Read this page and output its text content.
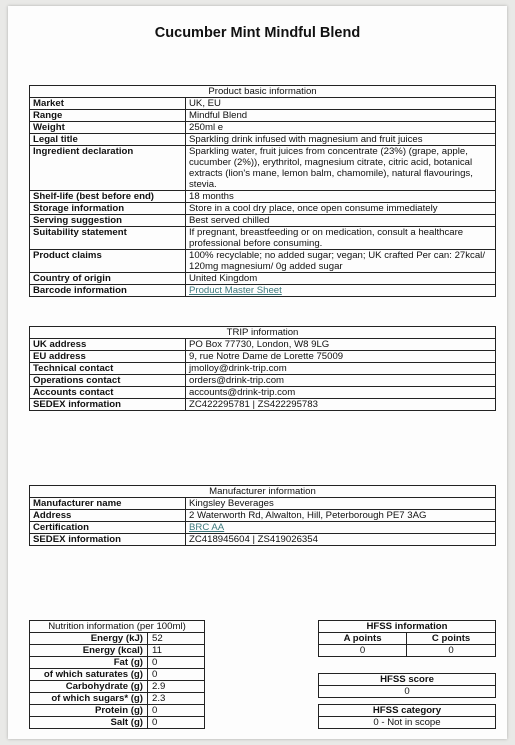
Cucumber Mint Mindful Blend
Product basic information	
Market	UK, EU
Range	Mindful Blend
Weight	250ml e
Legal title	Sparkling drink infused with magnesium and fruit juices
Ingredient declaration	Sparkling water, fruit juices from concentrate (23%) (grape, apple, cucumber (2%)), erythritol, magnesium citrate, citric acid, botanical extracts (lion's mane, lemon balm, chamomile), natural flavourings, stevia.
Shelf-life (best before end)	18 months
Storage information	Store in a cool dry place, once open consume immediately
Serving suggestion	Best served chilled
Suitability statement	If pregnant, breastfeeding or on medication, consult a healthcare professional before consuming.
Product claims	100% recyclable; no added sugar; vegan; UK crafted Per can: 27kcal/ 120mg magnesium/ 0g added sugar
Country of origin	United Kingdom
Barcode information	Product Master Sheet
TRIP information	
UK address	PO Box 77730, London, W8 9LG
EU address	9, rue Notre Dame de Lorette 75009
Technical contact	jmolloy@drink-trip.com
Operations contact	orders@drink-trip.com
Accounts contact	accounts@drink-trip.com
SEDEX information	ZC422295781 | ZS422295783
Manufacturer information	
Manufacturer name	Kingsley Beverages
Address	2 Waterworth Rd, Alwalton, Hill, Peterborough PE7 3AG
Certification	BRC AA
SEDEX information	ZC418945604 | ZS419026354
Nutrition information (per 100ml)	
Energy (kJ)	52
Energy (kcal)	11
Fat (g)	0
of which saturates (g)	0
Carbohydrate (g)	2.9
of which sugars* (g)	2.3
Protein (g)	0
Salt (g)	0
HFSS information	
A points	C points
0	0
HFSS score
0
HFSS category
0 - Not in scope
